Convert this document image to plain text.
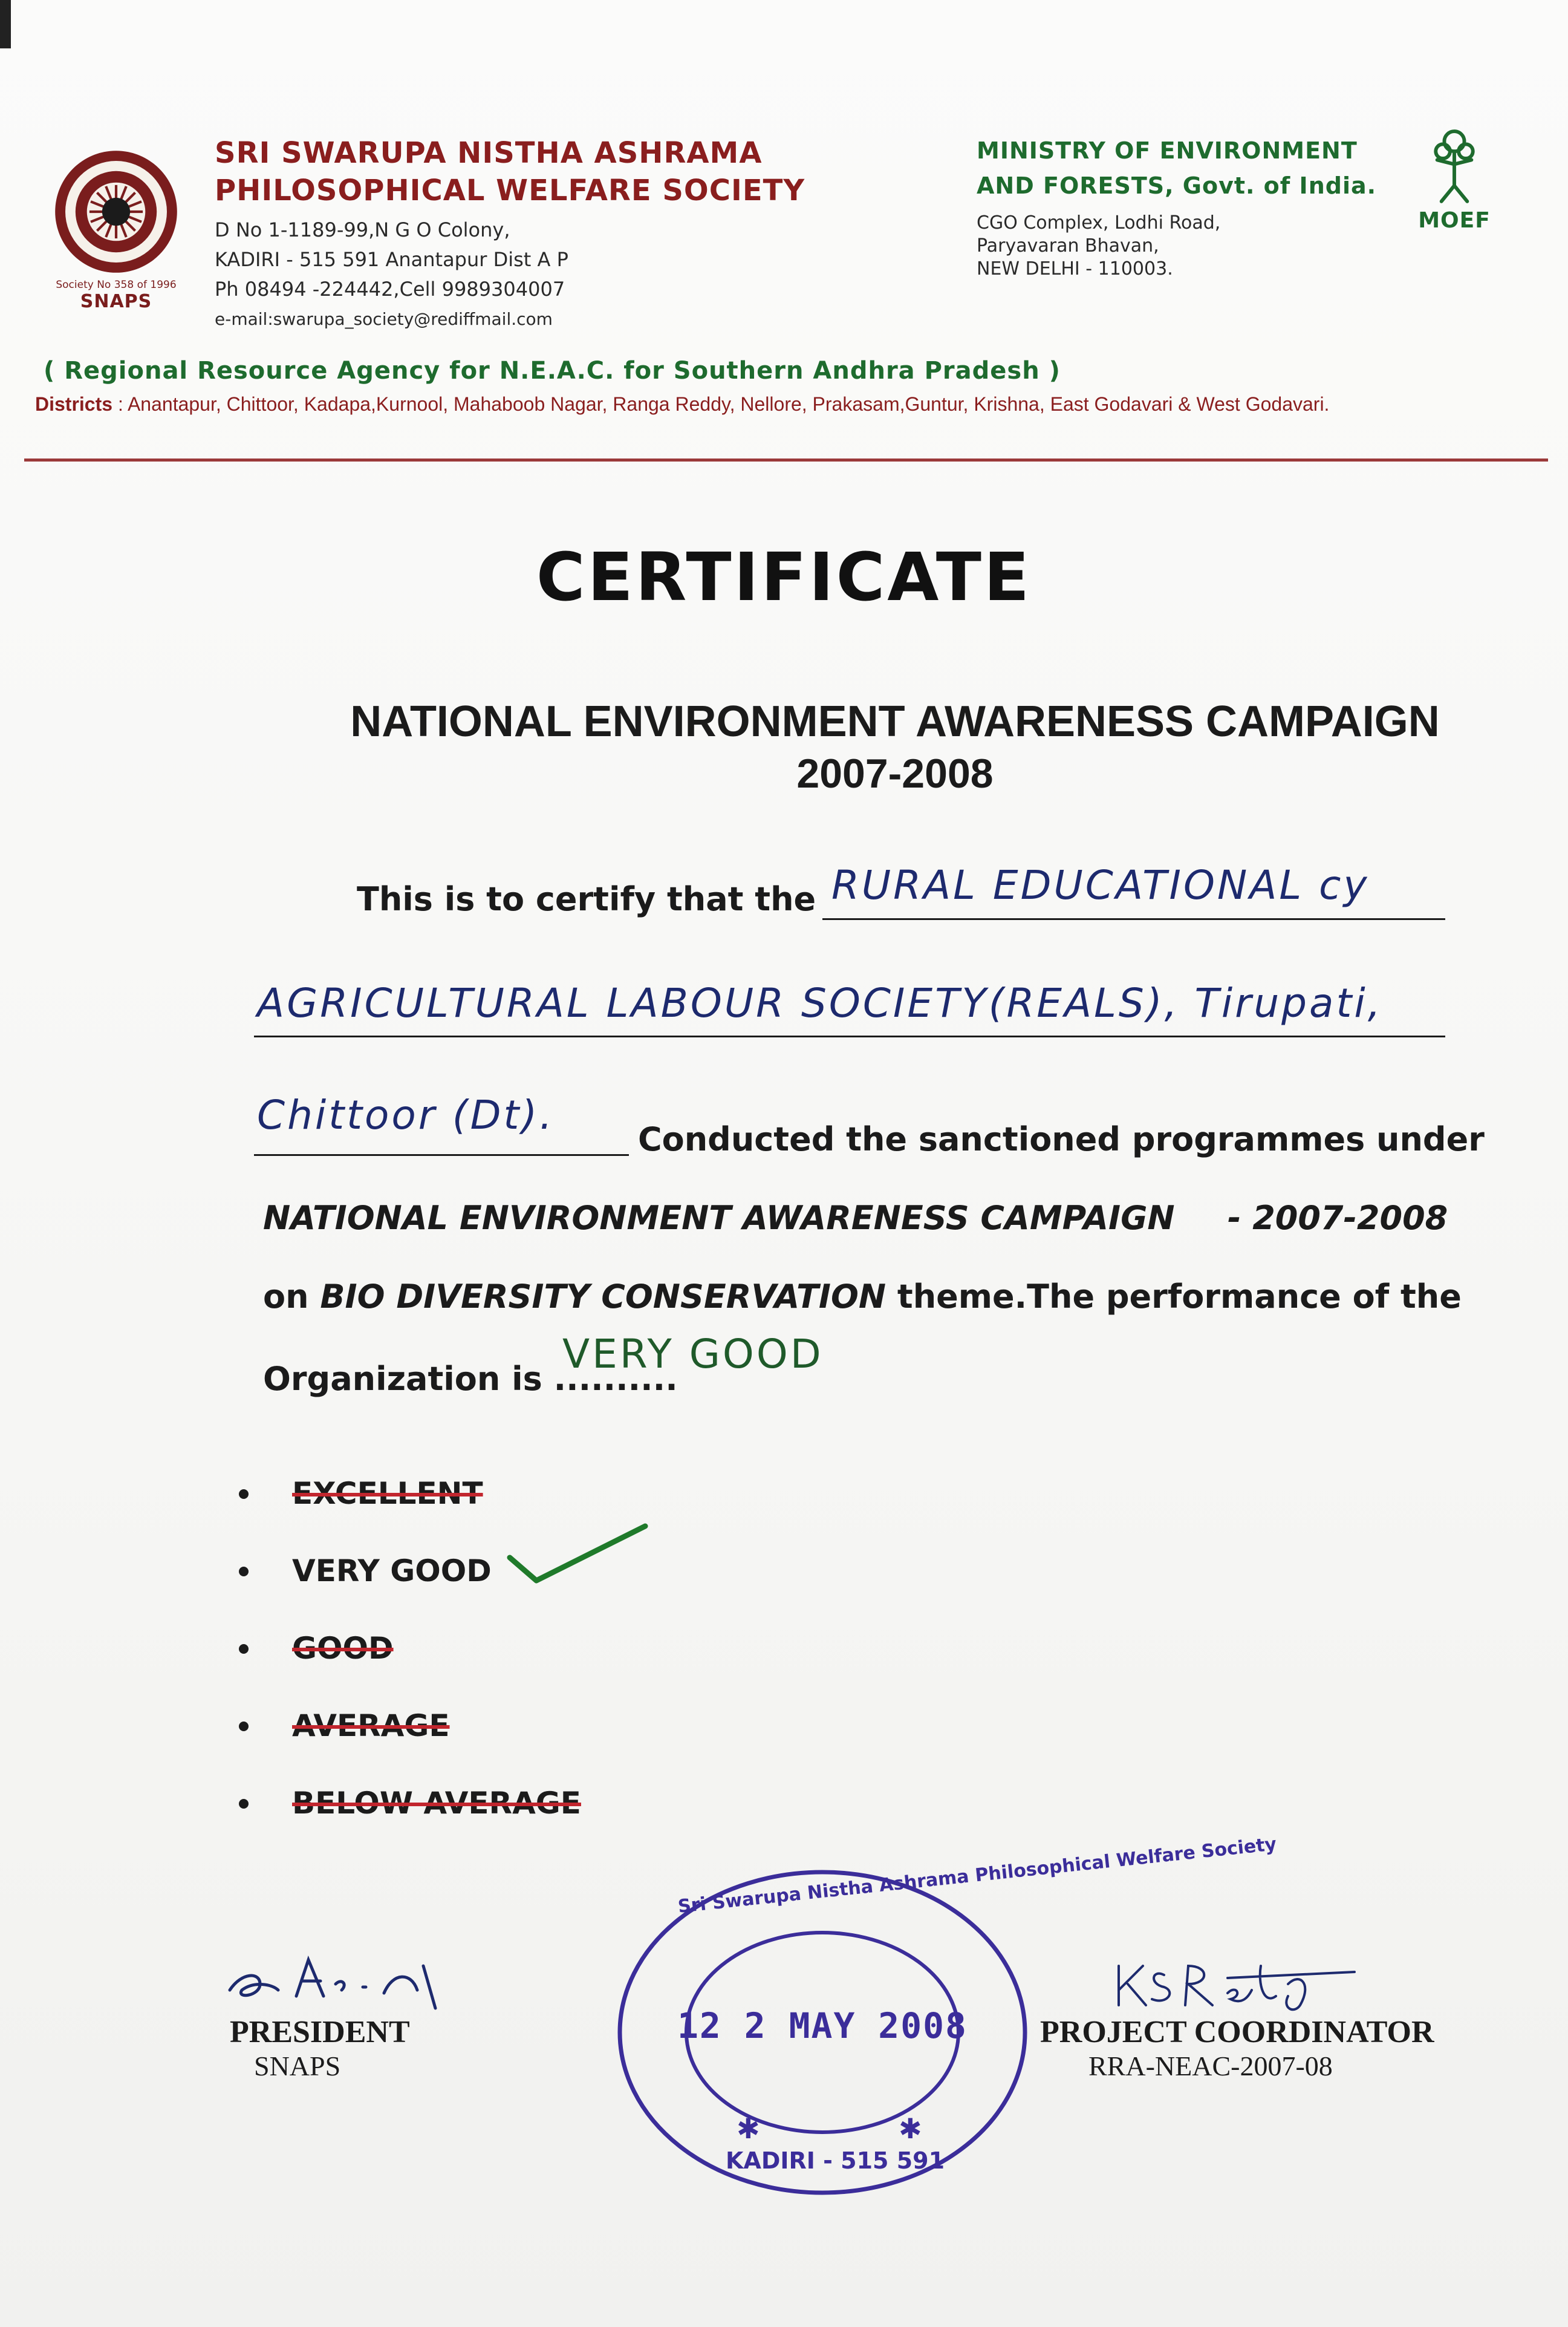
Society No 358 of 1996
SNAPS
SRI SWARUPA NISTHA ASHRAMA
PHILOSOPHICAL WELFARE SOCIETY
D No 1-1189-99,N G O Colony,
KADIRI - 515 591 Anantapur Dist A P
Ph 08494 -224442,Cell 9989304007
e-mail:swarupa_society@rediffmail.com
MINISTRY OF ENVIRONMENT
AND FORESTS, Govt. of India.
CGO Complex, Lodhi Road,
Paryavaran Bhavan,
NEW DELHI - 110003.
MOEF
( Regional Resource Agency for N.E.A.C. for Southern Andhra Pradesh )
Districts : Anantapur, Chittoor, Kadapa,Kurnool, Mahaboob Nagar, Ranga Reddy, Nellore, Prakasam,Guntur, Krishna, East Godavari & West Godavari.
CERTIFICATE
NATIONAL ENVIRONMENT AWARENESS CAMPAIGN
2007-2008
This is to certify that the RURAL EDUCATIONAL cy
AGRICULTURAL LABOUR SOCIETY(REALS), Tirupati,
Chittoor (Dt).
Conducted the sanctioned programmes under
NATIONAL ENVIRONMENT AWARENESS CAMPAIGN - 2007-2008
on BIO DIVERSITY CONSERVATION theme.The performance of the
Organization is ..........
VERY GOOD
EXCELLENT
VERY GOOD
GOOD
AVERAGE
BELOW AVERAGE
PRESIDENT
SNAPS
✱	✱
12 2 MAY 2008
Sri Swarupa Nistha Ashrama Philosophical Welfare Society
KADIRI - 515 591
PROJECT COORDINATOR
RRA-NEAC-2007-08
